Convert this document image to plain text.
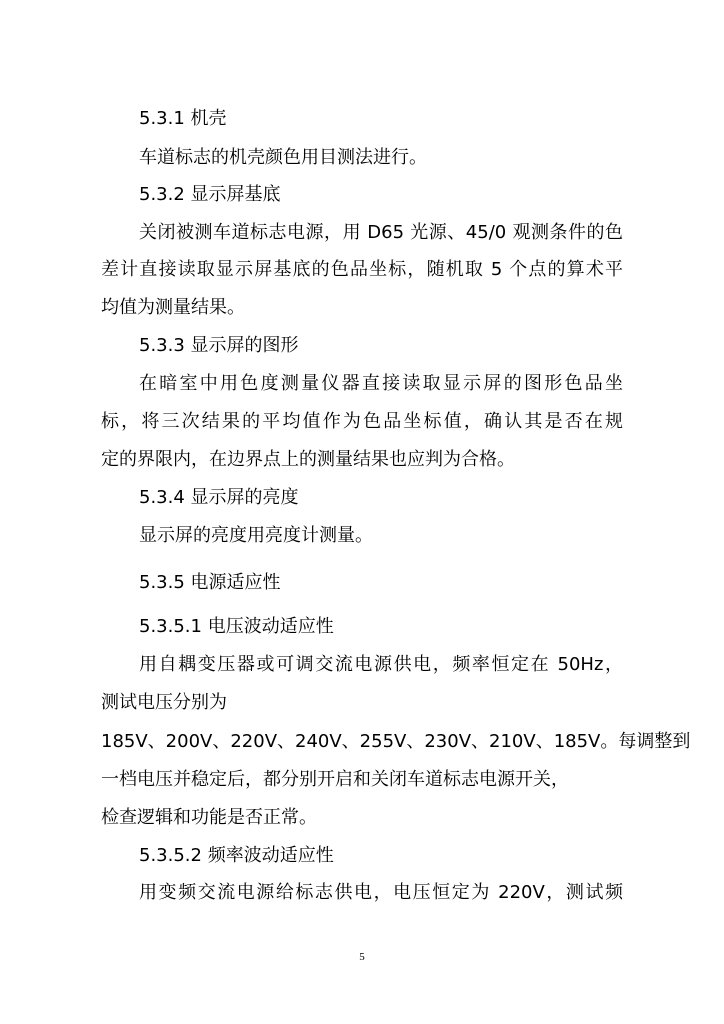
5.3.1 机壳
车道标志的机壳颜色用目测法进行。
5.3.2 显示屏基底
关闭被测车道标志电源，用 D65 光源、45/0 观测条件的色
差计直接读取显示屏基底的色品坐标，随机取 5 个点的算术平
均值为测量结果。
5.3.3 显示屏的图形
在暗室中用色度测量仪器直接读取显示屏的图形色品坐
标，将三次结果的平均值作为色品坐标值，确认其是否在规
定的界限内，在边界点上的测量结果也应判为合格。
5.3.4 显示屏的亮度
显示屏的亮度用亮度计测量。
5.3.5 电源适应性
5.3.5.1 电压波动适应性
用自耦变压器或可调交流电源供电，频率恒定在 50Hz，
测试电压分别为
185V、200V、220V、240V、255V、230V、210V、185V。每调整到
一档电压并稳定后，都分别开启和关闭车道标志电源开关，
检查逻辑和功能是否正常。
5.3.5.2 频率波动适应性
用变频交流电源给标志供电，电压恒定为 220V，测试频
5
